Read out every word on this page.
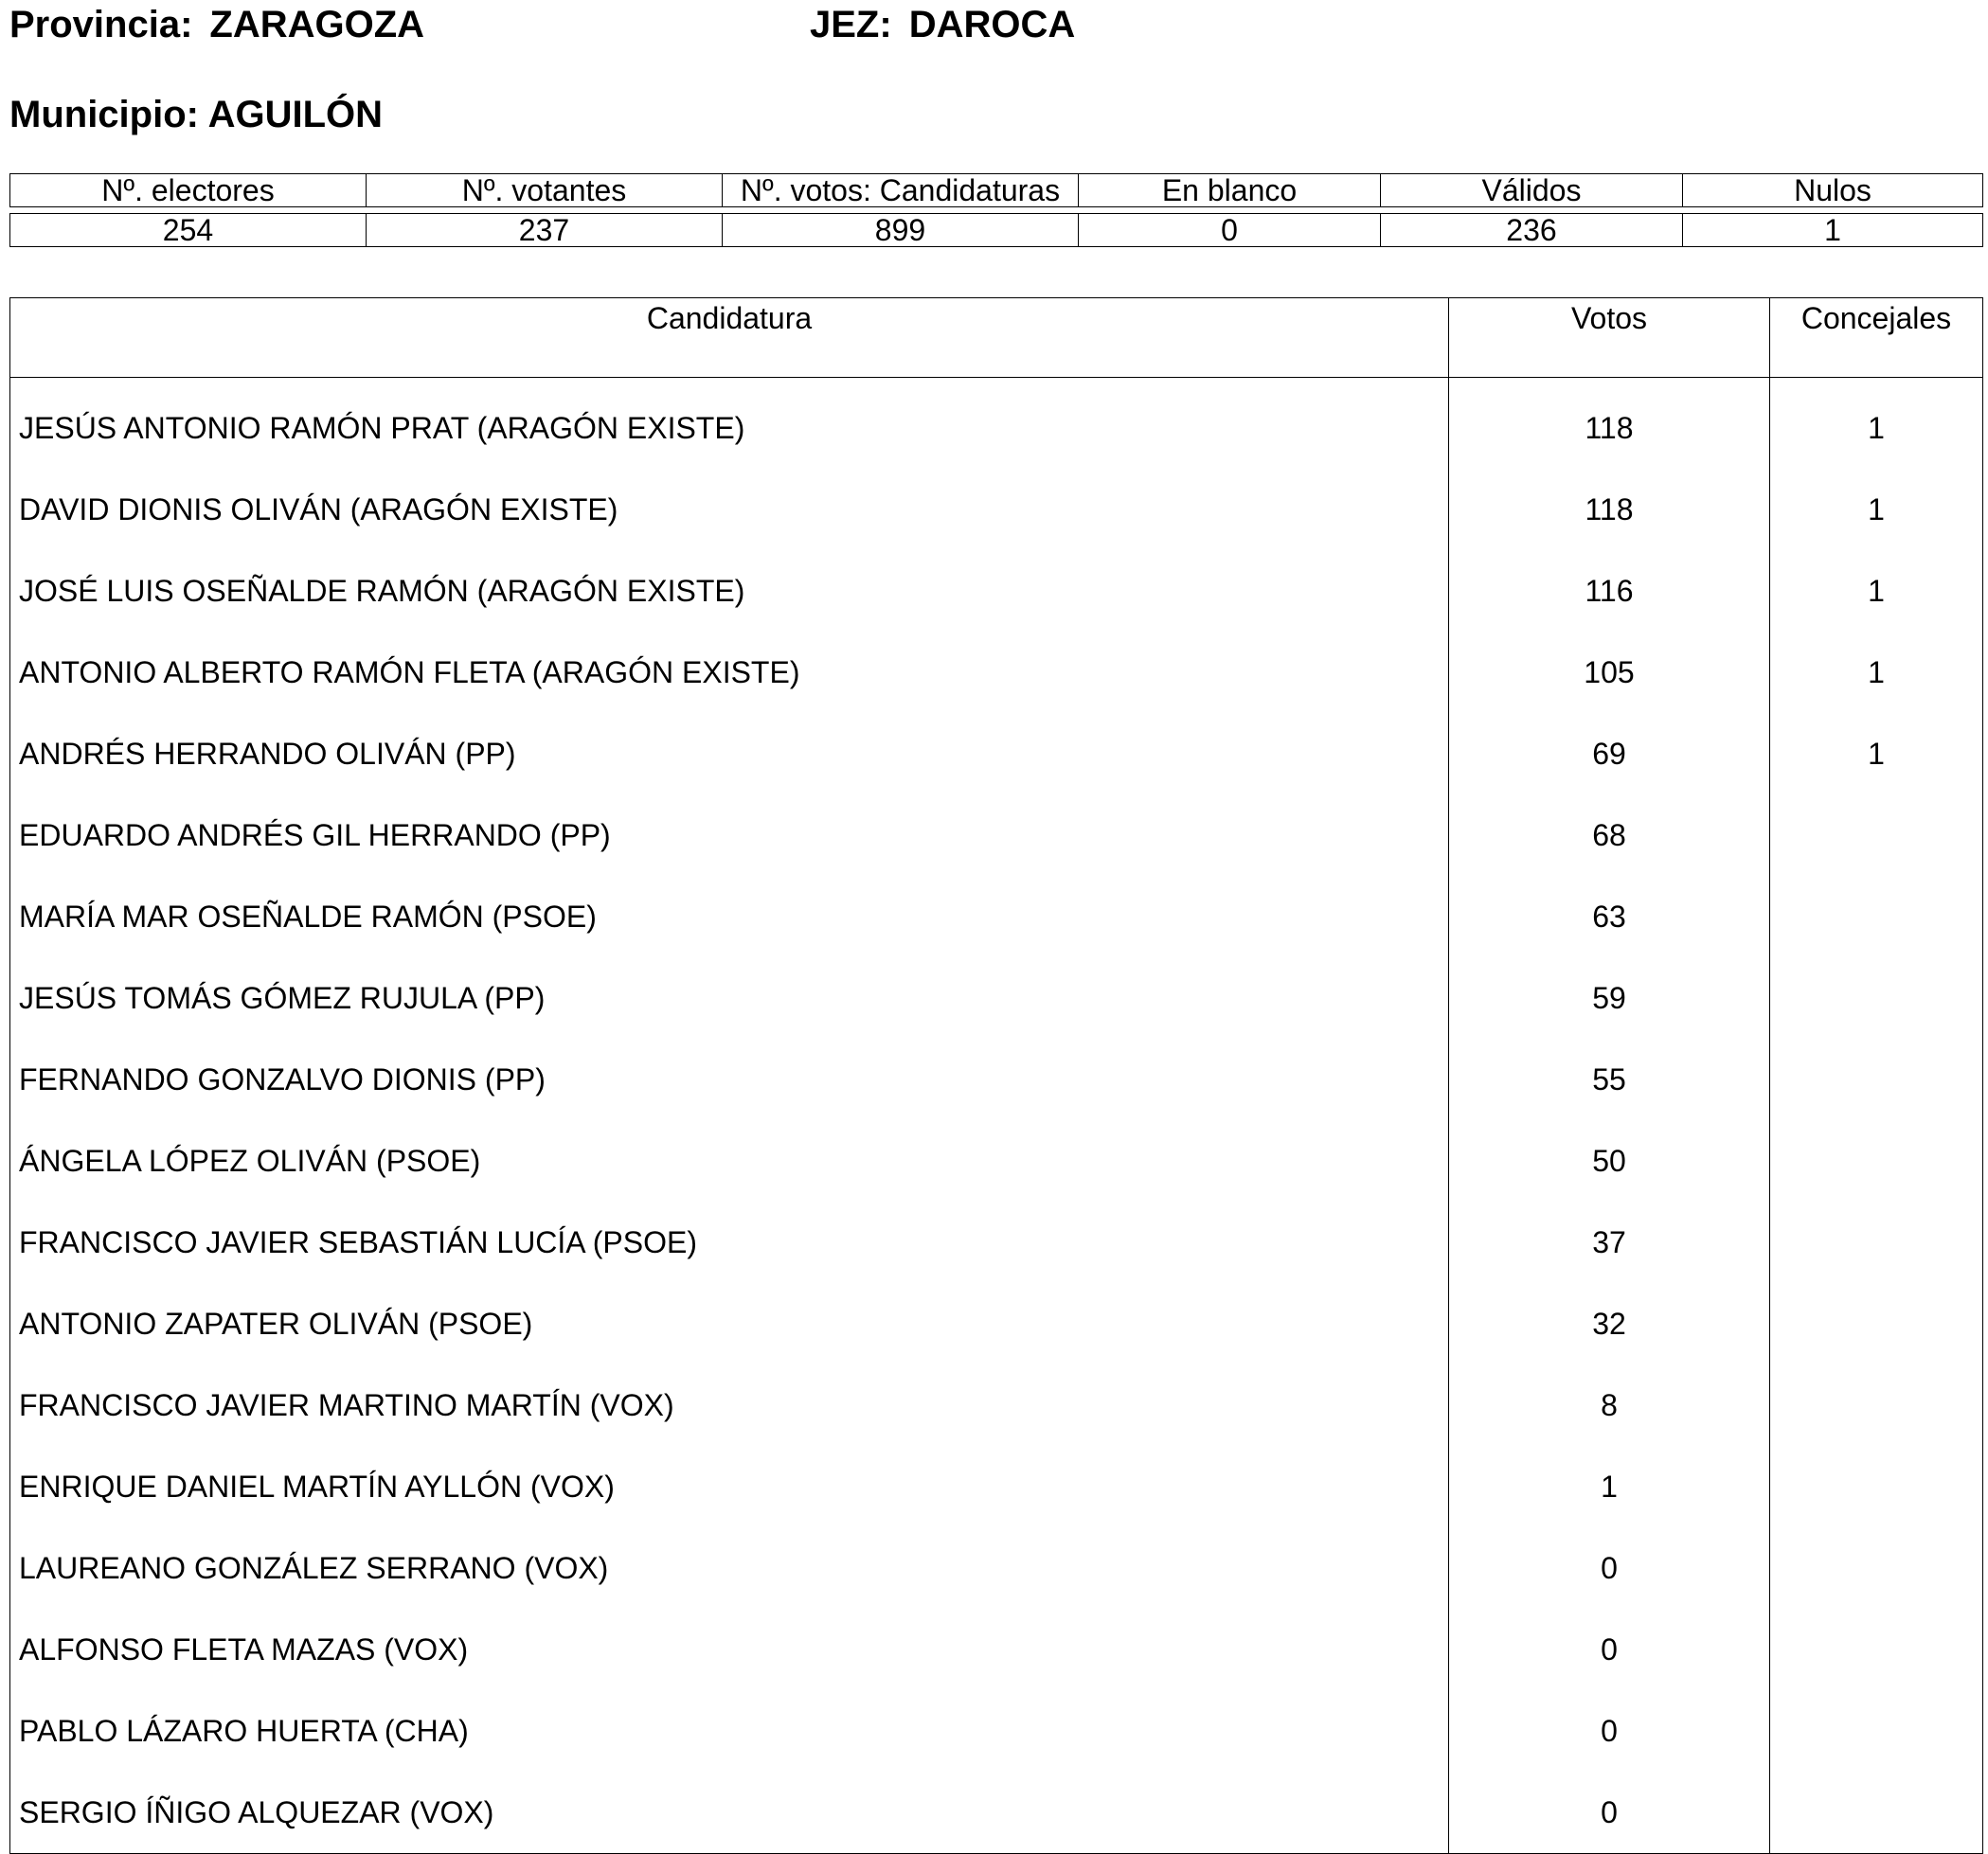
Provincia: ZARAGOZA	JEZ: DAROCA
Municipio: AGUILÓN
Nº. electores	Nº. votantes	Nº. votos: Candidaturas	En blanco	Válidos	Nulos

254	237	899	0	236	1
Candidatura	Votos	Concejales

JESÚS ANTONIO RAMÓN PRAT (ARAGÓN EXISTE)	118	1
DAVID DIONIS OLIVÁN (ARAGÓN EXISTE)	118	1
JOSÉ LUIS OSEÑALDE RAMÓN (ARAGÓN EXISTE)	116	1
ANTONIO ALBERTO RAMÓN FLETA (ARAGÓN EXISTE)	105	1
ANDRÉS HERRANDO OLIVÁN (PP)	69	1
EDUARDO ANDRÉS GIL HERRANDO (PP)	68	
MARÍA MAR OSEÑALDE RAMÓN (PSOE)	63	
JESÚS TOMÁS GÓMEZ RUJULA (PP)	59	
FERNANDO GONZALVO DIONIS (PP)	55	
ÁNGELA LÓPEZ OLIVÁN (PSOE)	50	
FRANCISCO JAVIER SEBASTIÁN LUCÍA (PSOE)	37	
ANTONIO ZAPATER OLIVÁN (PSOE)	32	
FRANCISCO JAVIER MARTINO MARTÍN (VOX)	8	
ENRIQUE DANIEL MARTÍN AYLLÓN (VOX)	1	
LAUREANO GONZÁLEZ SERRANO (VOX)	0	
ALFONSO FLETA MAZAS (VOX)	0	
PABLO LÁZARO HUERTA (CHA)	0	
SERGIO ÍÑIGO ALQUEZAR (VOX)	0	
